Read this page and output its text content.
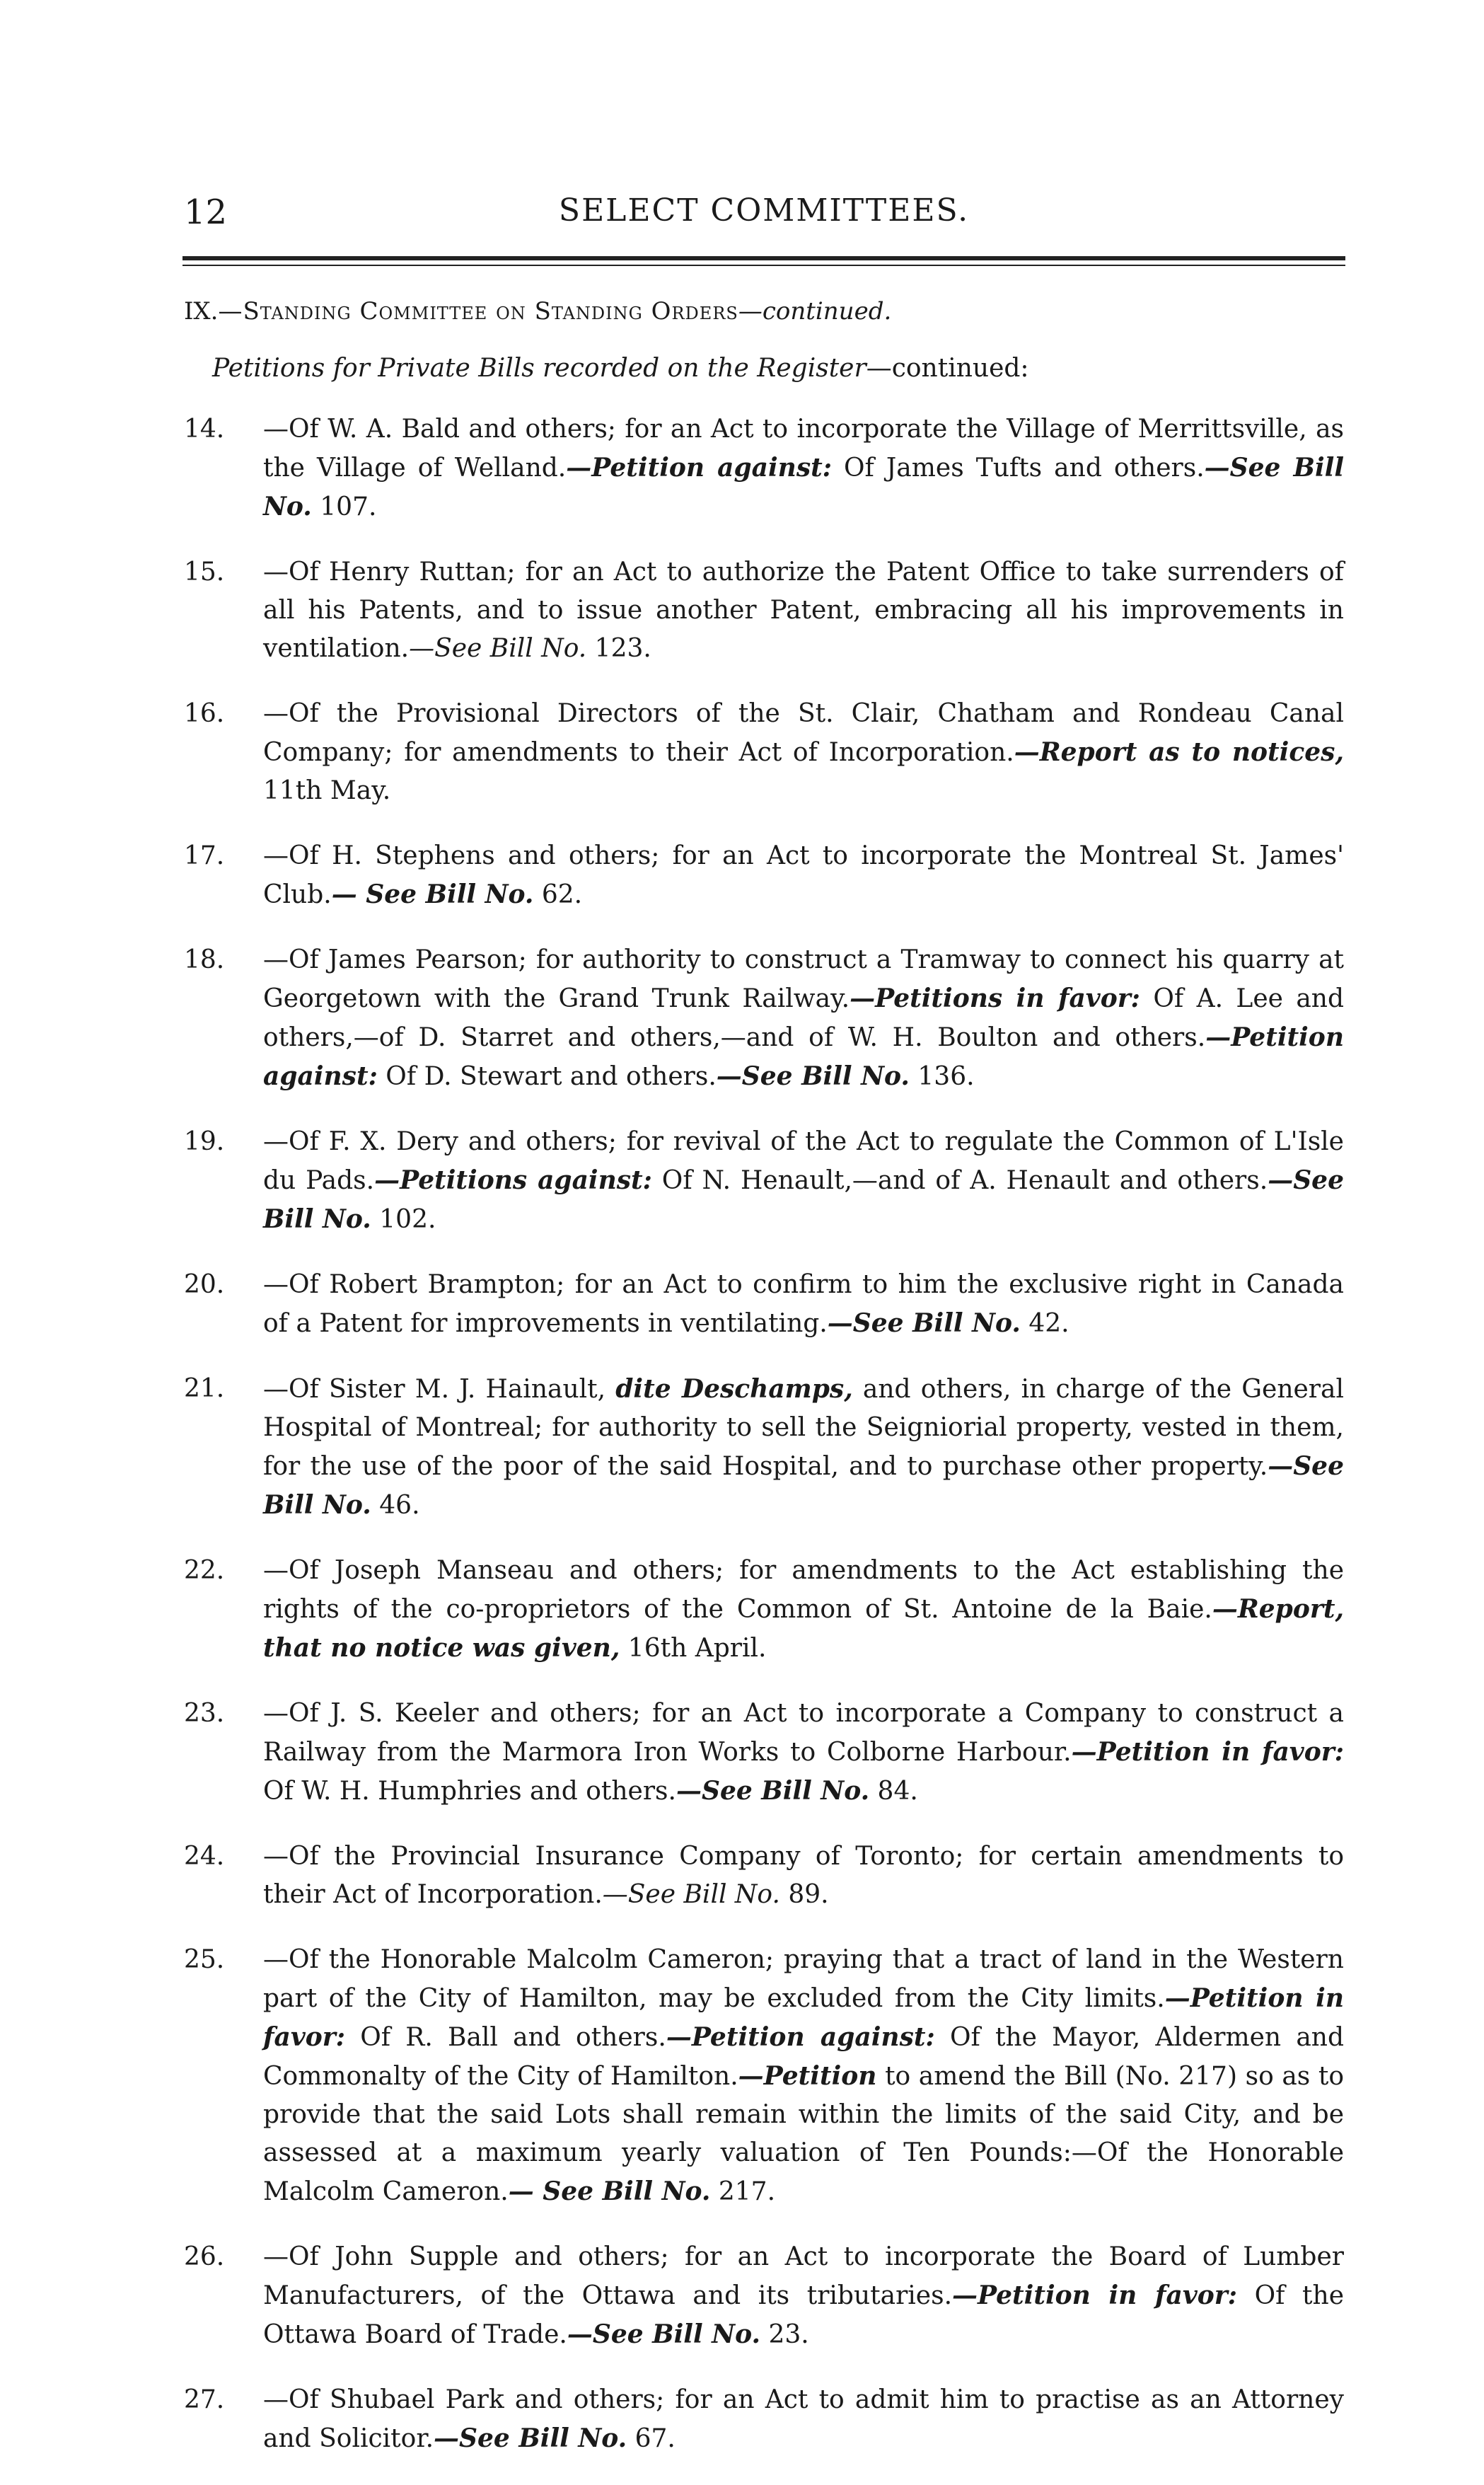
12	SELECT COMMITTEES.
IX.—Standing Committee on Standing Orders—continued.
Petitions for Private Bills recorded on the Register—continued:
14. —Of W. A. Bald and others; for an Act to incorporate the Village of Merrittsville, as the Village of Welland.—Petition against: Of James Tufts and others.—See Bill No. 107.
15. —Of Henry Ruttan; for an Act to authorize the Patent Office to take surrenders of all his Patents, and to issue another Patent, embracing all his improvements in ventilation.—See Bill No. 123.
16. —Of the Provisional Directors of the St. Clair, Chatham and Rondeau Canal Company; for amendments to their Act of Incorporation.—Report as to notices, 11th May.
17. —Of H. Stephens and others; for an Act to incorporate the Montreal St. James' Club.— See Bill No. 62.
18. —Of James Pearson; for authority to construct a Tramway to connect his quarry at Georgetown with the Grand Trunk Railway.—Petitions in favor: Of A. Lee and others,—of D. Starret and others,—and of W. H. Boulton and others.—Petition against: Of D. Stewart and others.—See Bill No. 136.
19. —Of F. X. Dery and others; for revival of the Act to regulate the Common of L'Isle du Pads.—Petitions against: Of N. Henault,—and of A. Henault and others.—See Bill No. 102.
20. —Of Robert Brampton; for an Act to confirm to him the exclusive right in Canada of a Patent for improvements in ventilating.—See Bill No. 42.
21. —Of Sister M. J. Hainault, dite Deschamps, and others, in charge of the General Hospital of Montreal; for authority to sell the Seigniorial property, vested in them, for the use of the poor of the said Hospital, and to purchase other property.—See Bill No. 46.
22. —Of Joseph Manseau and others; for amendments to the Act establishing the rights of the co-proprietors of the Common of St. Antoine de la Baie.—Report, that no notice was given, 16th April.
23. —Of J. S. Keeler and others; for an Act to incorporate a Company to construct a Railway from the Marmora Iron Works to Colborne Harbour.—Petition in favor: Of W. H. Humphries and others.—See Bill No. 84.
24. —Of the Provincial Insurance Company of Toronto; for certain amendments to their Act of Incorporation.—See Bill No. 89.
25. —Of the Honorable Malcolm Cameron; praying that a tract of land in the Western part of the City of Hamilton, may be excluded from the City limits.—Petition in favor: Of R. Ball and others.—Petition against: Of the Mayor, Aldermen and Commonalty of the City of Hamilton.—Petition to amend the Bill (No. 217) so as to provide that the said Lots shall remain within the limits of the said City, and be assessed at a maximum yearly valuation of Ten Pounds:—Of the Honorable Malcolm Cameron.— See Bill No. 217.
26. —Of John Supple and others; for an Act to incorporate the Board of Lumber Manufacturers, of the Ottawa and its tributaries.—Petition in favor: Of the Ottawa Board of Trade.—See Bill No. 23.
27. —Of Shubael Park and others; for an Act to admit him to practise as an Attorney and Solicitor.—See Bill No. 67.
